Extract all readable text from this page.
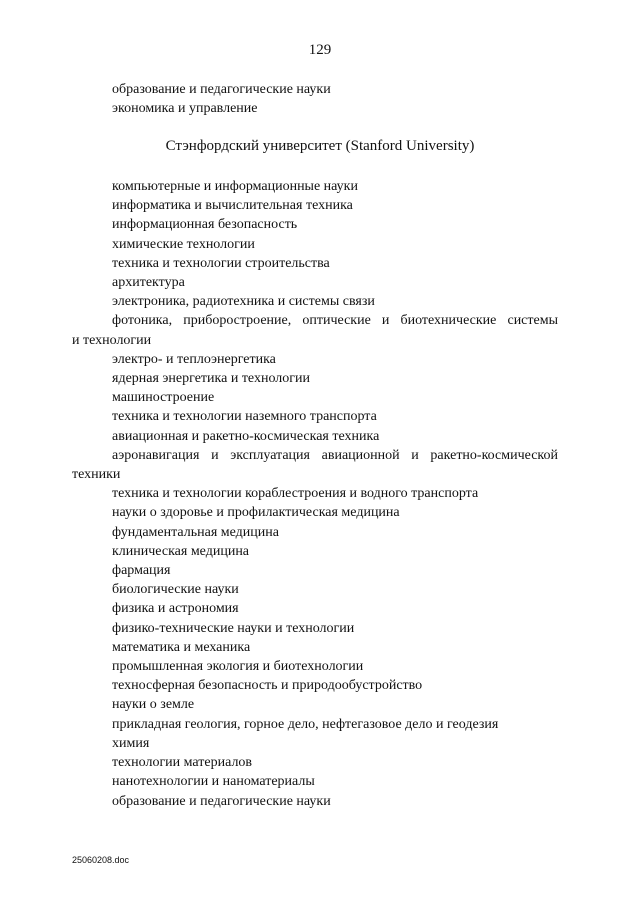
129
образование и педагогические науки
экономика и управление
Стэнфордский университет (Stanford University)
компьютерные и информационные науки
информатика и вычислительная техника
информационная безопасность
химические технологии
техника и технологии строительства
архитектура
электроника, радиотехника и системы связи
фотоника, приборостроение, оптические и биотехнические системы
и технологии
электро- и теплоэнергетика
ядерная энергетика и технологии
машиностроение
техника и технологии наземного транспорта
авиационная и ракетно-космическая техника
аэронавигация и эксплуатация авиационной и ракетно-космической
техники
техника и технологии кораблестроения и водного транспорта
науки о здоровье и профилактическая медицина
фундаментальная медицина
клиническая медицина
фармация
биологические науки
физика и астрономия
физико-технические науки и технологии
математика и механика
промышленная экология и биотехнологии
техносферная безопасность и природообустройство
науки о земле
прикладная геология, горное дело, нефтегазовое дело и геодезия
химия
технологии материалов
нанотехнологии и наноматериалы
образование и педагогические науки
25060208.doc
